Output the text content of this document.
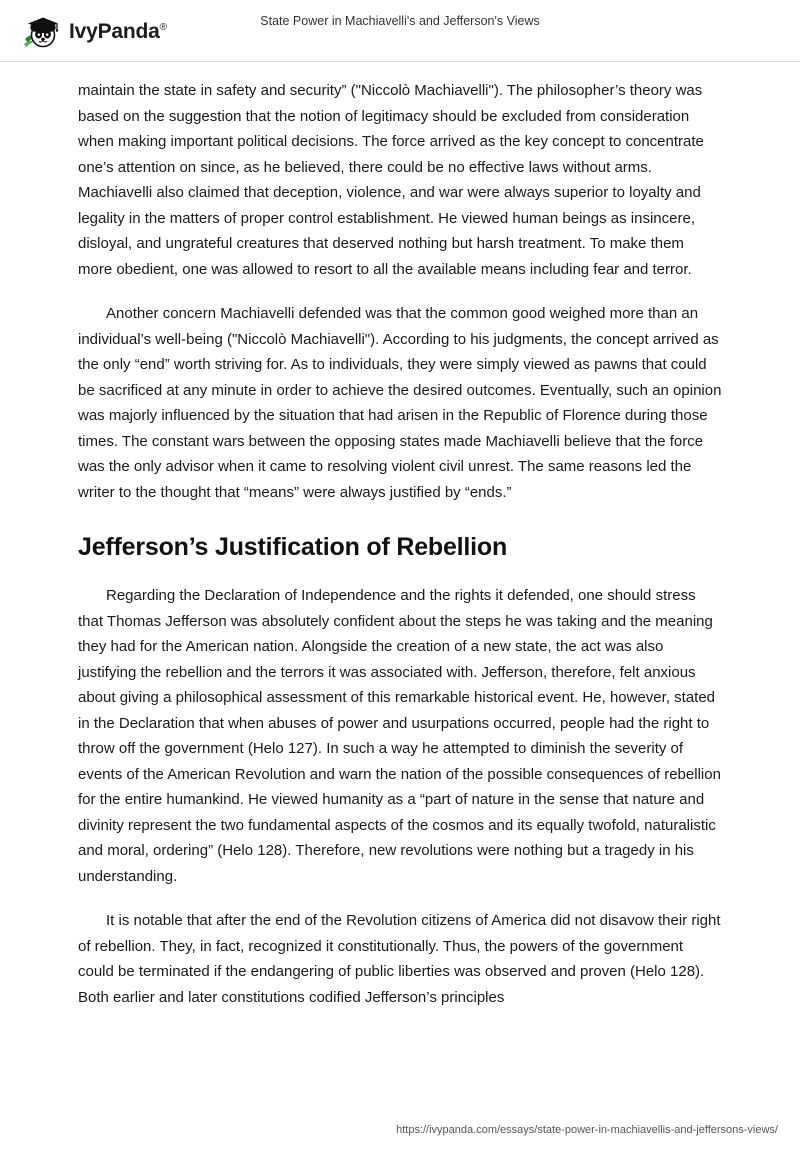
IvyPanda®	State Power in Machiavelli's and Jefferson's Views

maintain the state in safety and security” ("Niccolò Machiavelli"). The philosopher’s theory was based on the suggestion that the notion of legitimacy should be excluded from consideration when making important political decisions. The force arrived as the key concept to concentrate one’s attention on since, as he believed, there could be no effective laws without arms. Machiavelli also claimed that deception, violence, and war were always superior to loyalty and legality in the matters of proper control establishment. He viewed human beings as insincere, disloyal, and ungrateful creatures that deserved nothing but harsh treatment. To make them more obedient, one was allowed to resort to all the available means including fear and terror.

Another concern Machiavelli defended was that the common good weighed more than an individual’s well-being ("Niccolò Machiavelli"). According to his judgments, the concept arrived as the only “end” worth striving for. As to individuals, they were simply viewed as pawns that could be sacrificed at any minute in order to achieve the desired outcomes. Eventually, such an opinion was majorly influenced by the situation that had arisen in the Republic of Florence during those times. The constant wars between the opposing states made Machiavelli believe that the force was the only advisor when it came to resolving violent civil unrest. The same reasons led the writer to the thought that “means” were always justified by “ends.”

Jefferson’s Justification of Rebellion

Regarding the Declaration of Independence and the rights it defended, one should stress that Thomas Jefferson was absolutely confident about the steps he was taking and the meaning they had for the American nation. Alongside the creation of a new state, the act was also justifying the rebellion and the terrors it was associated with. Jefferson, therefore, felt anxious about giving a philosophical assessment of this remarkable historical event. He, however, stated in the Declaration that when abuses of power and usurpations occurred, people had the right to throw off the government (Helo 127). In such a way he attempted to diminish the severity of events of the American Revolution and warn the nation of the possible consequences of rebellion for the entire humankind. He viewed humanity as a “part of nature in the sense that nature and divinity represent the two fundamental aspects of the cosmos and its equally twofold, naturalistic and moral, ordering” (Helo 128). Therefore, new revolutions were nothing but a tragedy in his understanding.

It is notable that after the end of the Revolution citizens of America did not disavow their right of rebellion. They, in fact, recognized it constitutionally. Thus, the powers of the government could be terminated if the endangering of public liberties was observed and proven (Helo 128). Both earlier and later constitutions codified Jefferson’s principles

https://ivypanda.com/essays/state-power-in-machiavellis-and-jeffersons-views/
